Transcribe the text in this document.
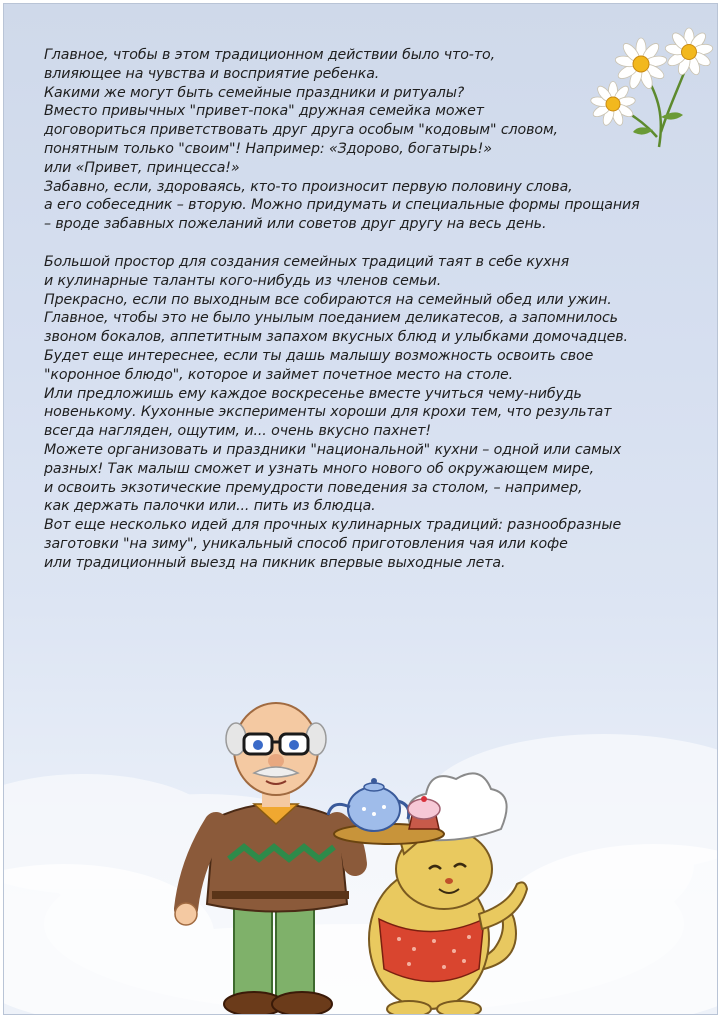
Главное, чтобы в этом традиционном действии было что-то,
влияющее на чувства и восприятие ребенка.
Какими же могут быть семейные праздники и ритуалы?
Вместо привычных "привет-пока" дружная семейка может
договориться приветствовать друг друга особым "кодовым" словом,
понятным только "своим"! Например: «Здорово, богатырь!»
или «Привет, принцесса!»
Забавно, если, здороваясь, кто-то произносит первую половину слова,
а его собеседник – вторую. Можно придумать и специальные формы прощания
– вроде забавных пожеланий или советов друг другу на весь день.
Большой простор для создания семейных традиций таят в себе кухня
и кулинарные таланты кого-нибудь из членов семьи.
Прекрасно, если по выходным все собираются на семейный обед или ужин.
Главное, чтобы это не было унылым поеданием деликатесов, а запомнилось
звоном бокалов, аппетитным запахом вкусных блюд и улыбками домочадцев.
Будет еще интереснее, если ты дашь малышу возможность освоить свое
"коронное блюдо", которое и займет почетное место на столе.
Или предложишь ему каждое воскресенье вместе учиться чему-нибудь
новенькому. Кухонные эксперименты хороши для крохи тем, что результат
всегда нагляден, ощутим, и... очень вкусно пахнет!
Можете организовать и праздники "национальной" кухни – одной или самых
разных! Так малыш сможет и узнать много нового об окружающем мире,
и освоить экзотические премудрости поведения за столом, – например,
как держать палочки или... пить из блюдца.
Вот еще несколько идей для прочных кулинарных традиций: разнообразные
заготовки "на зиму", уникальный способ приготовления чая или кофе
или традиционный выезд на пикник впервые выходные лета.
